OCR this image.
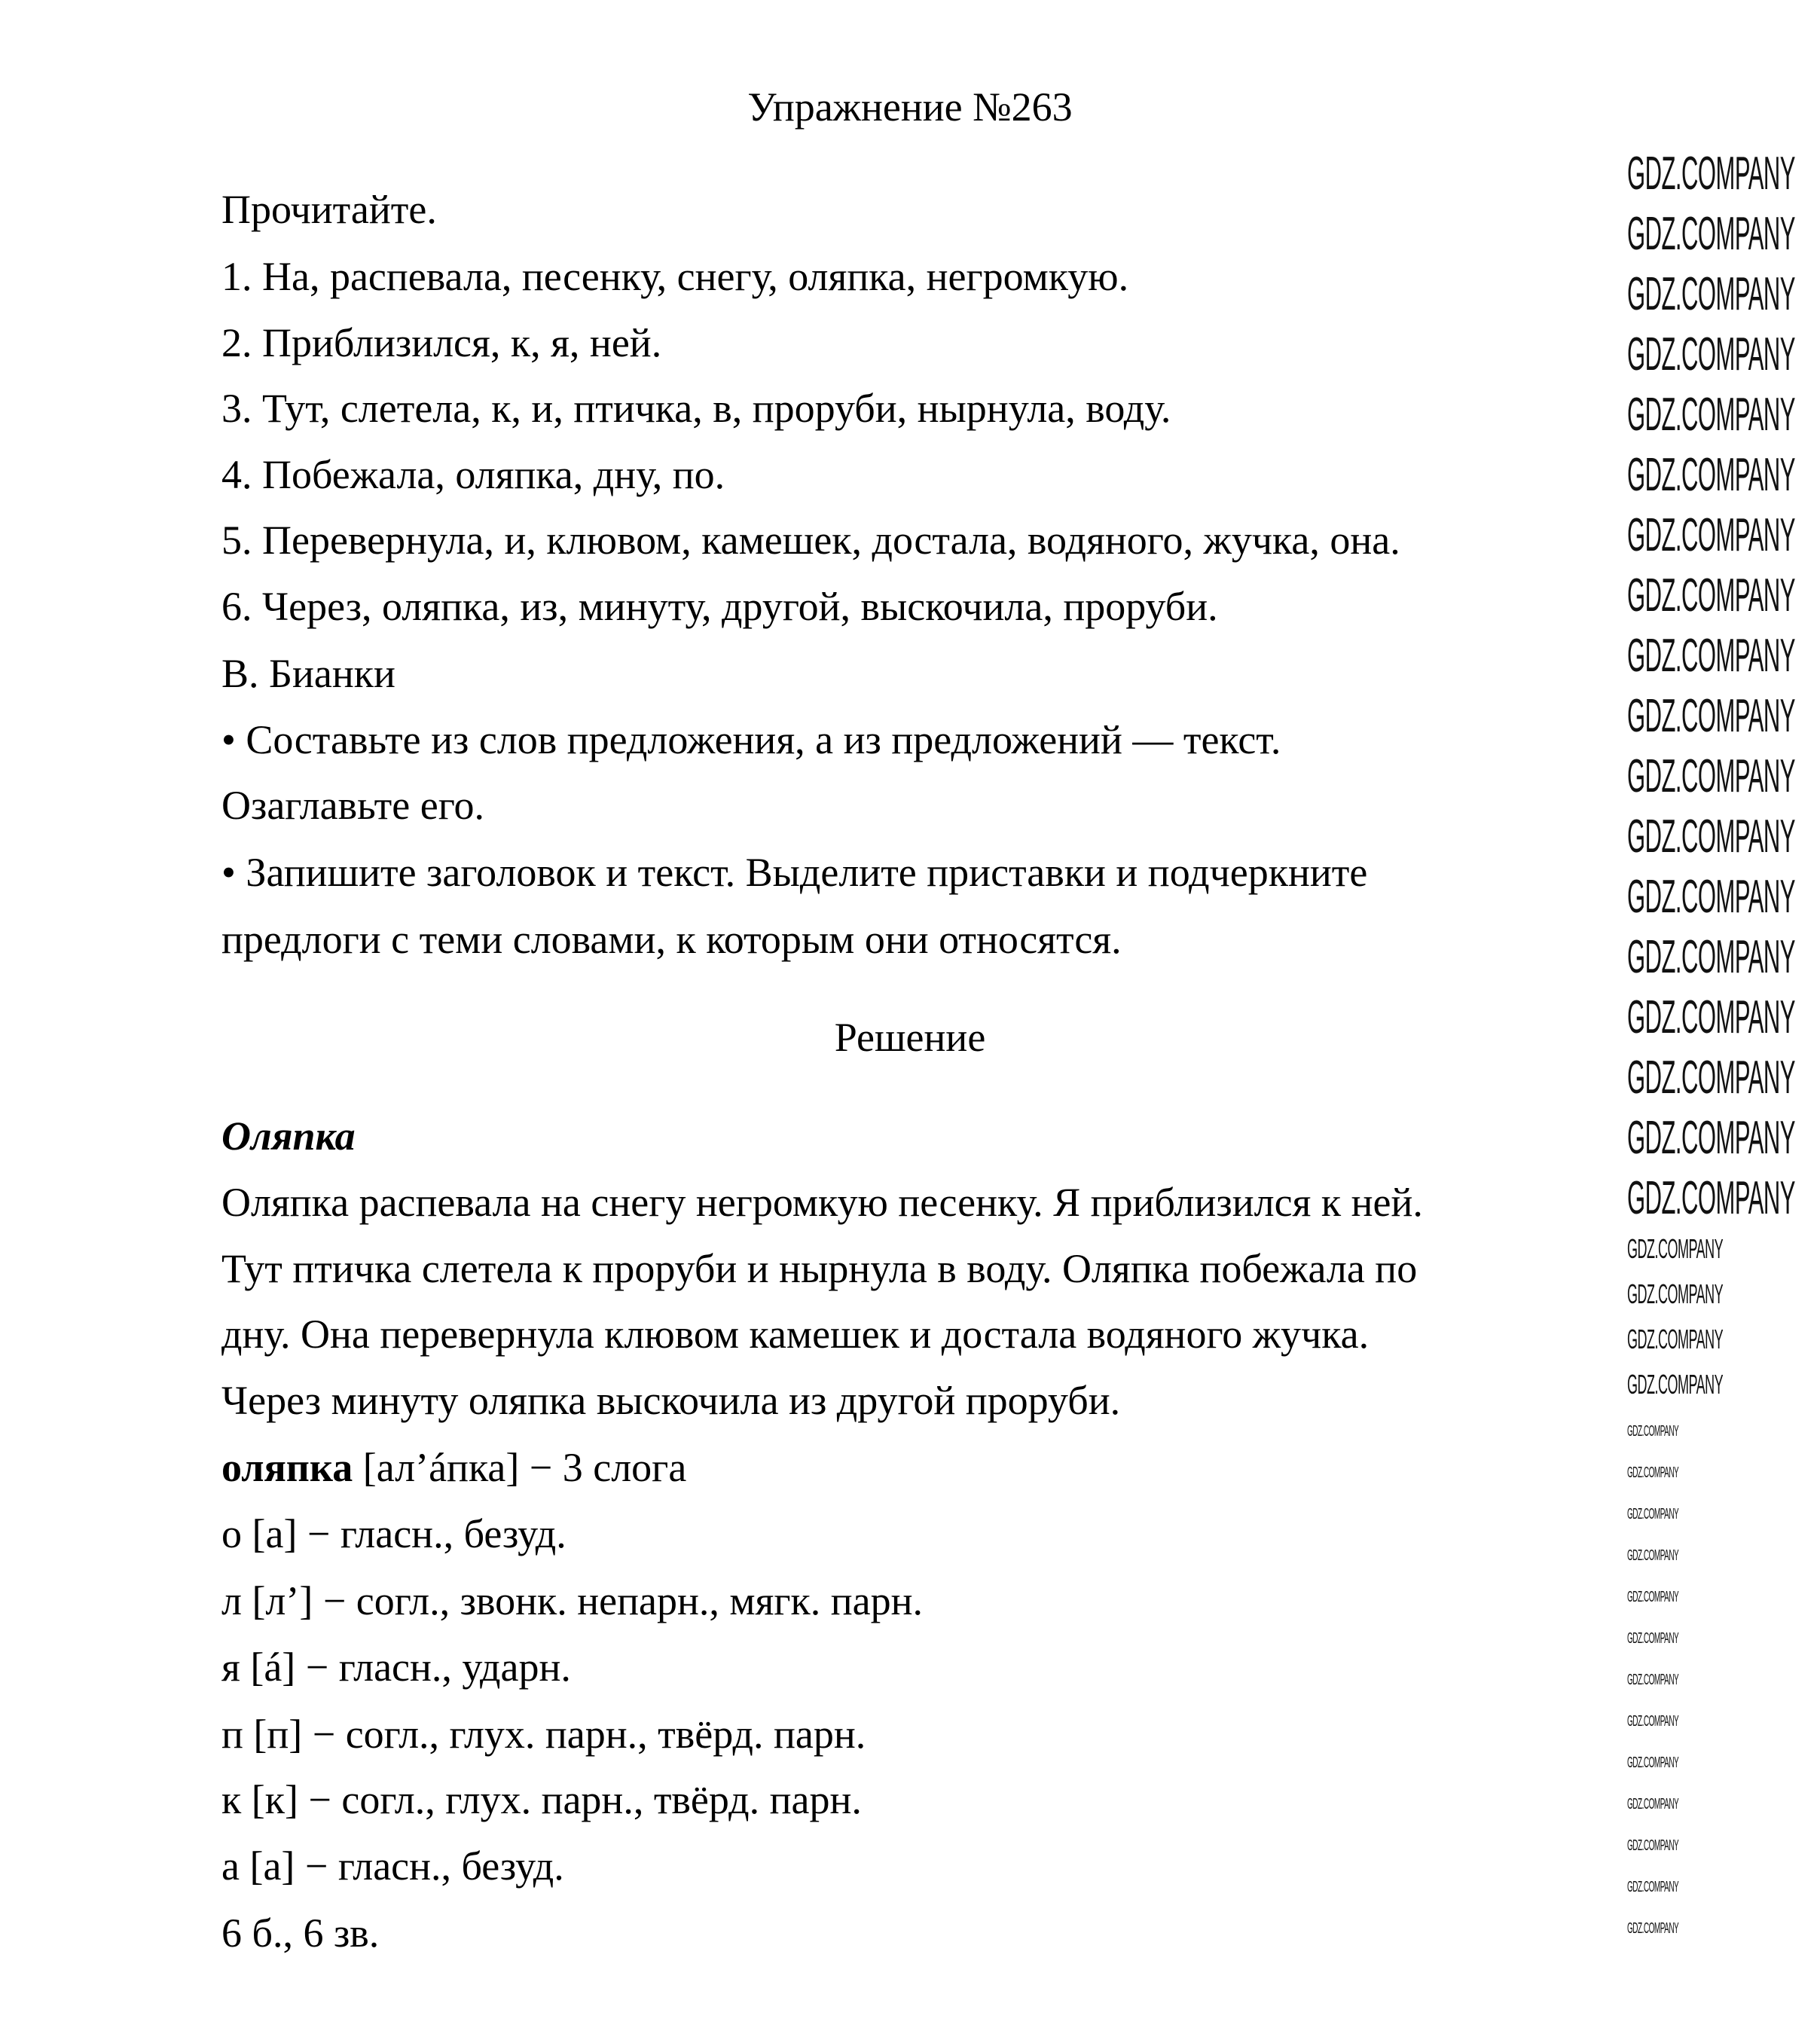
Упражнение №263
Прочитайте.
1. На, распевала, песенку, снегу, оляпка, негромкую.
2. Приблизился, к, я, ней.
3. Тут, слетела, к, и, птичка, в, проруби, нырнула, воду.
4. Побежала, оляпка, дну, по.
5. Перевернула, и, клювом, камешек, достала, водяного, жучка, она.
6. Через, оляпка, из, минуту, другой, выскочила, проруби.
В. Бианки
• Составьте из слов предложения, а из предложений — текст.
Озаглавьте его.
• Запишите заголовок и текст. Выделите приставки и подчеркните
предлоги с теми словами, к которым они относятся.
Решение
Оляпка
Оляпка распевала на снегу негромкую песенку. Я приблизился к ней.
Тут птичка слетела к проруби и нырнула в воду. Оляпка побежала по
дну. Она перевернула клювом камешек и достала водяного жучка.
Через минуту оляпка выскочила из другой проруби.
оляпка [ал’áпка] − 3 слога
о [а] − гласн., безуд.
л [л’] − согл., звонк. непарн., мягк. парн.
я [á] − гласн., ударн.
п [п] − согл., глух. парн., твёрд. парн.
к [к] − согл., глух. парн., твёрд. парн.
а [а] − гласн., безуд.
6 б., 6 зв.
GDZ.COMPANY
GDZ.COMPANY
GDZ.COMPANY
GDZ.COMPANY
GDZ.COMPANY
GDZ.COMPANY
GDZ.COMPANY
GDZ.COMPANY
GDZ.COMPANY
GDZ.COMPANY
GDZ.COMPANY
GDZ.COMPANY
GDZ.COMPANY
GDZ.COMPANY
GDZ.COMPANY
GDZ.COMPANY
GDZ.COMPANY
GDZ.COMPANY
GDZ.COMPANY
GDZ.COMPANY
GDZ.COMPANY
GDZ.COMPANY
GDZ.COMPANY
GDZ.COMPANY
GDZ.COMPANY
GDZ.COMPANY
GDZ.COMPANY
GDZ.COMPANY
GDZ.COMPANY
GDZ.COMPANY
GDZ.COMPANY
GDZ.COMPANY
GDZ.COMPANY
GDZ.COMPANY
GDZ.COMPANY
